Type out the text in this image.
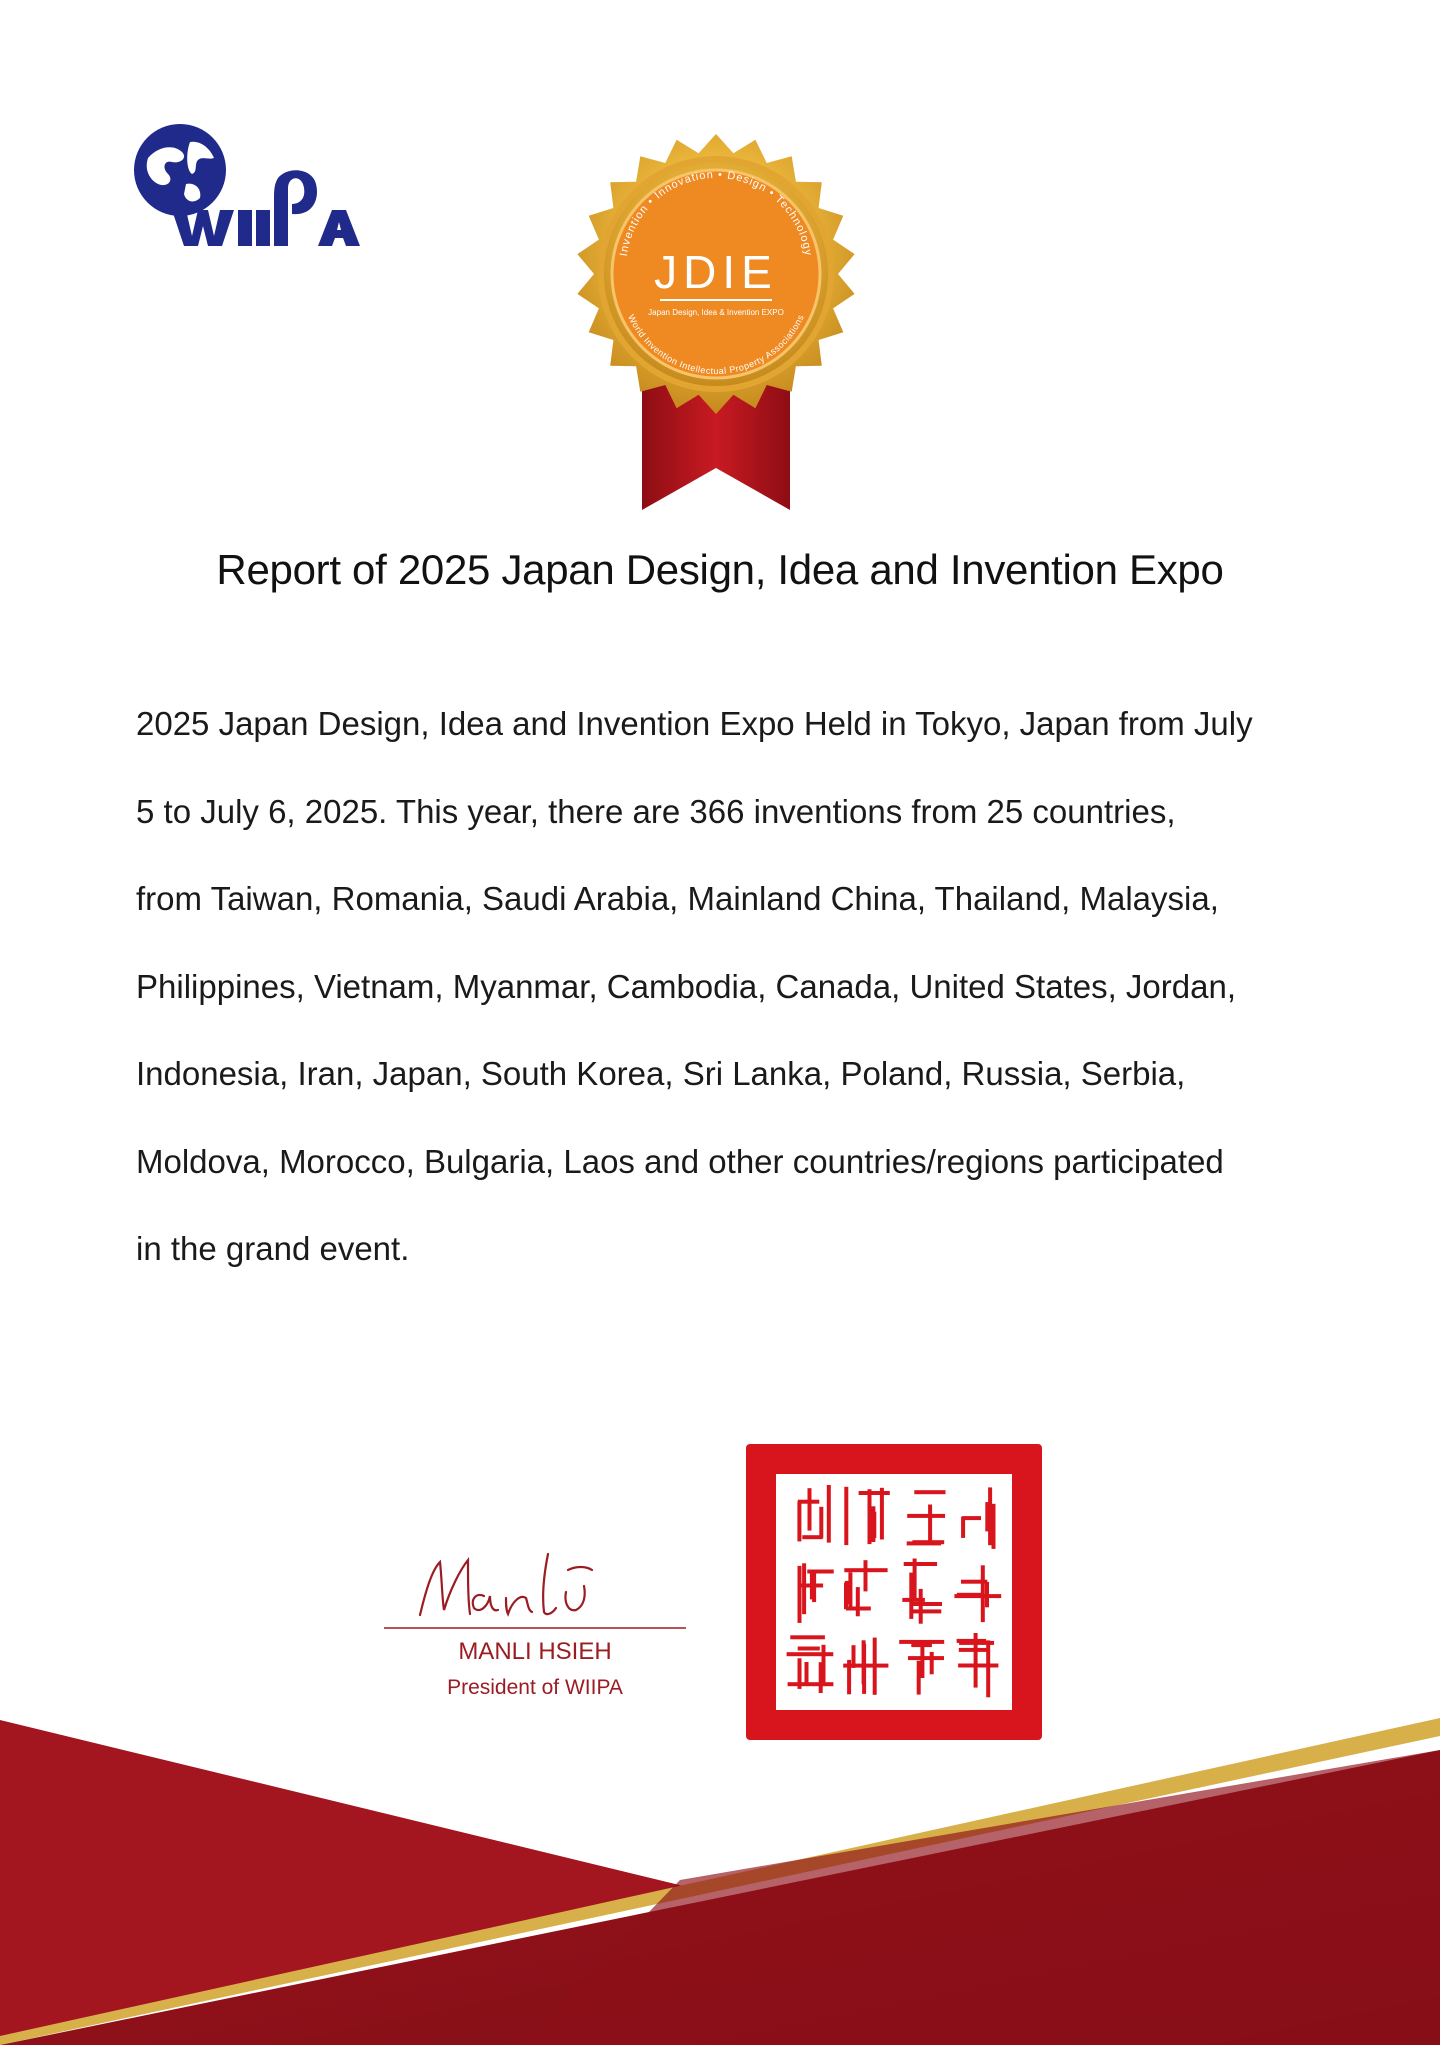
Invention • Innovation • Design • Technology
World Invention Intellectual Property Associations
JDIE
Japan Design, Idea & Invention EXPO
Report of 2025 Japan Design, Idea and Invention Expo
2025 Japan Design, Idea and Invention Expo Held in Tokyo, Japan from July
5 to July 6, 2025. This year, there are 366 inventions from 25 countries,
from Taiwan, Romania, Saudi Arabia, Mainland China, Thailand, Malaysia,
Philippines, Vietnam, Myanmar, Cambodia, Canada, United States, Jordan,
Indonesia, Iran, Japan, South Korea, Sri Lanka, Poland, Russia, Serbia,
Moldova, Morocco, Bulgaria, Laos and other countries/regions participated
in the grand event.
MANLI HSIEH
President of WIIPA
